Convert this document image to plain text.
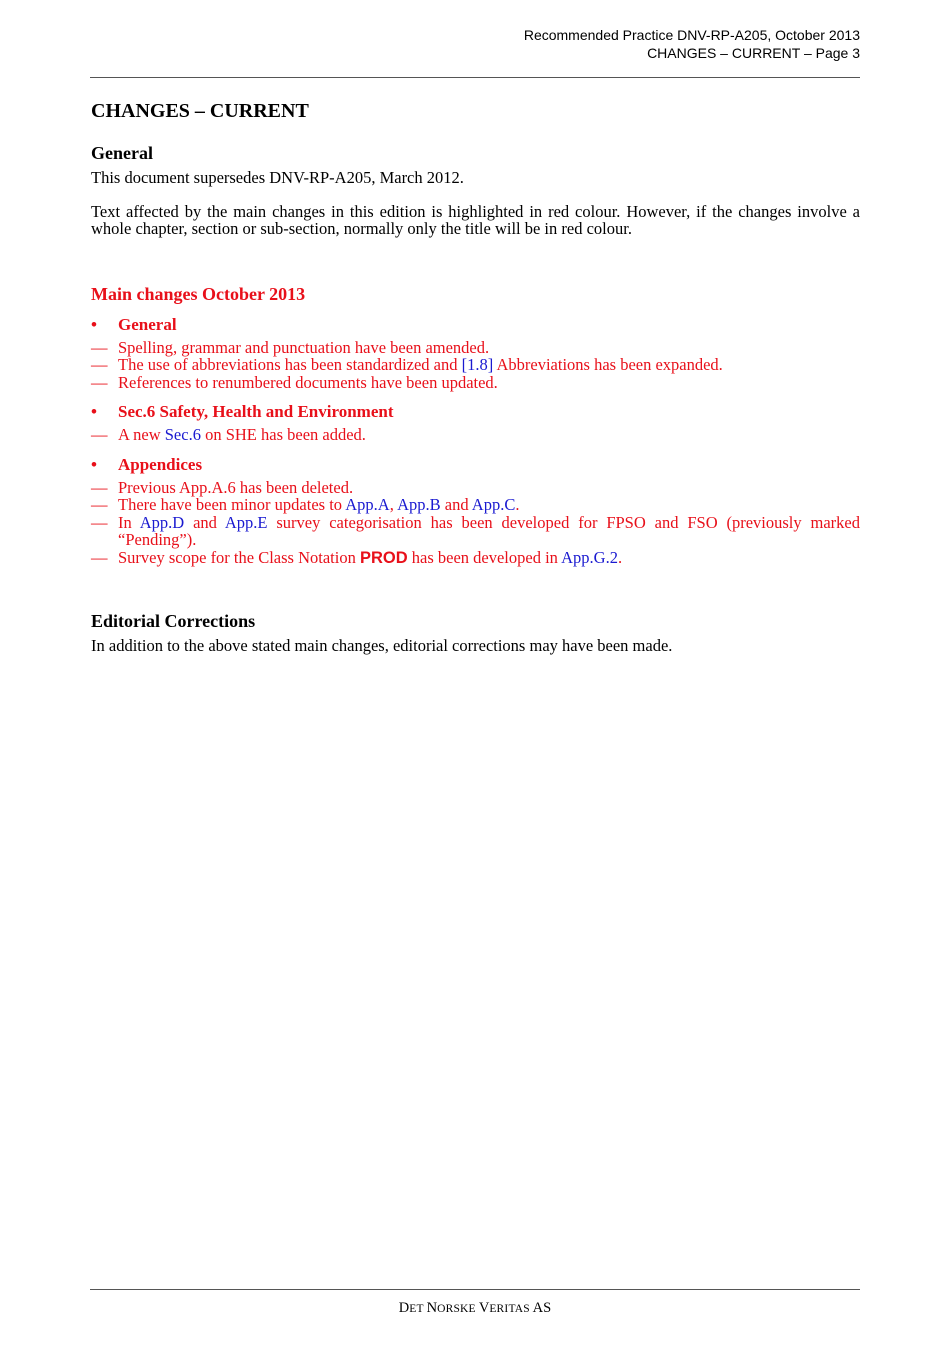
Recommended Practice DNV-RP-A205, October 2013
CHANGES – CURRENT – Page 3
CHANGES – CURRENT
General

This document supersedes DNV-RP-A205, March 2012.

Text affected by the main changes in this edition is highlighted in red colour. However, if the changes involve a whole chapter, section or sub-section, normally only the title will be in red colour.

Main changes October 2013
•	General
— Spelling, grammar and punctuation have been amended.
— The use of abbreviations has been standardized and [1.8] Abbreviations has been expanded.
— References to renumbered documents have been updated.
•	Sec.6 Safety, Health and Environment
— A new Sec.6 on SHE has been added.
•	Appendices
— Previous App.A.6 has been deleted.
— There have been minor updates to App.A, App.B and App.C.
— In App.D and App.E survey categorisation has been developed for FPSO and FSO (previously marked “Pending”).
— Survey scope for the Class Notation PROD has been developed in App.G.2.
Editorial Corrections

In addition to the above stated main changes, editorial corrections may have been made.

DET NORSKE VERITAS AS
